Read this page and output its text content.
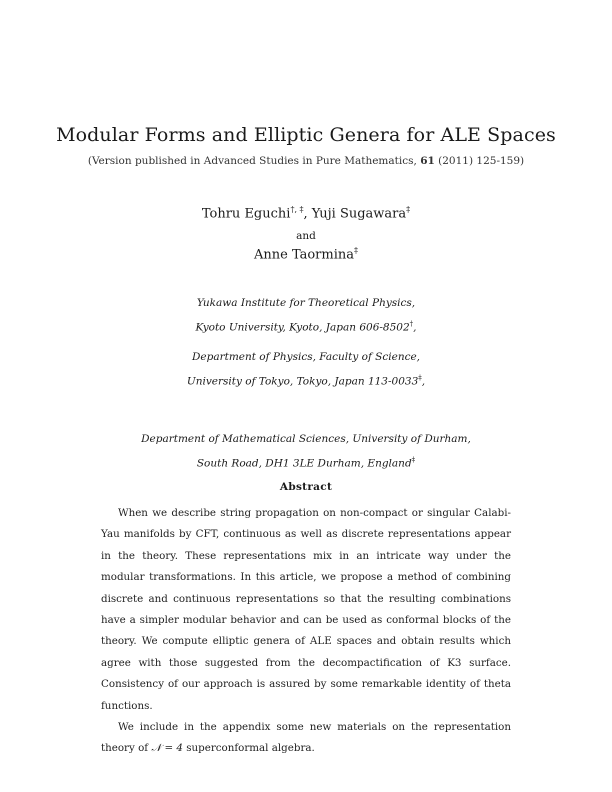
Modular Forms and Elliptic Genera for ALE Spaces
(Version published in Advanced Studies in Pure Mathematics, 61 (2011) 125-159)
Tohru Eguchi†, ‡, Yuji Sugawara‡
and
Anne Taormina‡
Yukawa Institute for Theoretical Physics,
Kyoto University, Kyoto, Japan 606-8502†,
Department of Physics, Faculty of Science,
University of Tokyo, Tokyo, Japan 113-0033‡,
Department of Mathematical Sciences, University of Durham,
South Road, DH1 3LE Durham, England‡
Abstract

When we describe string propagation on non-compact or singular Calabi-Yau manifolds by CFT, continuous as well as discrete representations appear in the theory. These representations mix in an intricate way under the modular transformations. In this article, we propose a method of combining discrete and continuous representations so that the resulting combinations have a simpler modular behavior and can be used as conformal blocks of the theory. We compute elliptic genera of ALE spaces and obtain results which agree with those suggested from the decompactification of K3 surface. Consistency of our approach is assured by some remarkable identity of theta functions.

We include in the appendix some new materials on the representation theory of 𝒩 = 4 superconformal algebra.
